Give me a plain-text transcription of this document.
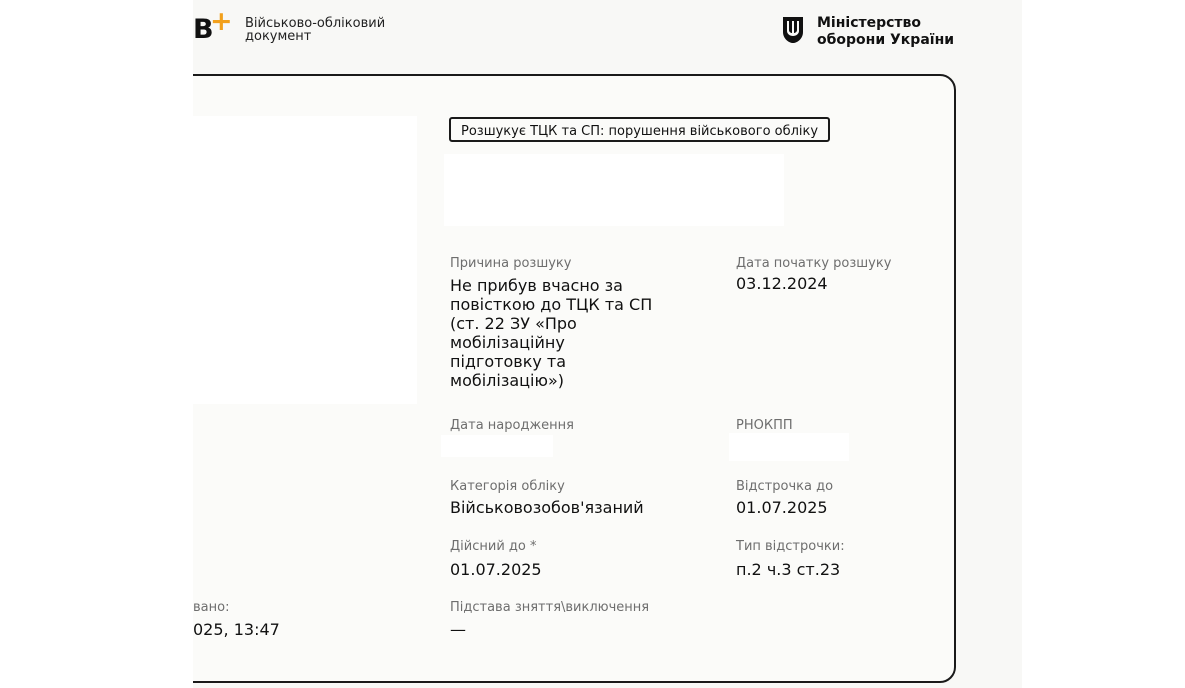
B
+ Військово-обліковий
документ
Міністерство
оборони України
Розшукує ТЦК та СП: порушення військового обліку
Причина розшуку
Не прибув вчасно за
повісткою до ТЦК та СП
(ст. 22 ЗУ «Про
мобілізаційну
підготовку та
мобілізацію»)
Дата початку розшуку
03.12.2024
Дата народження	РНОКПП
Категорія обліку
Військовозобов'язаний
Відстрочка до
01.07.2025
Дійсний до *
01.07.2025
Тип відстрочки:
п.2 ч.3 ст.23
Підстава зняття\виключення
—
вано:
025, 13:47
